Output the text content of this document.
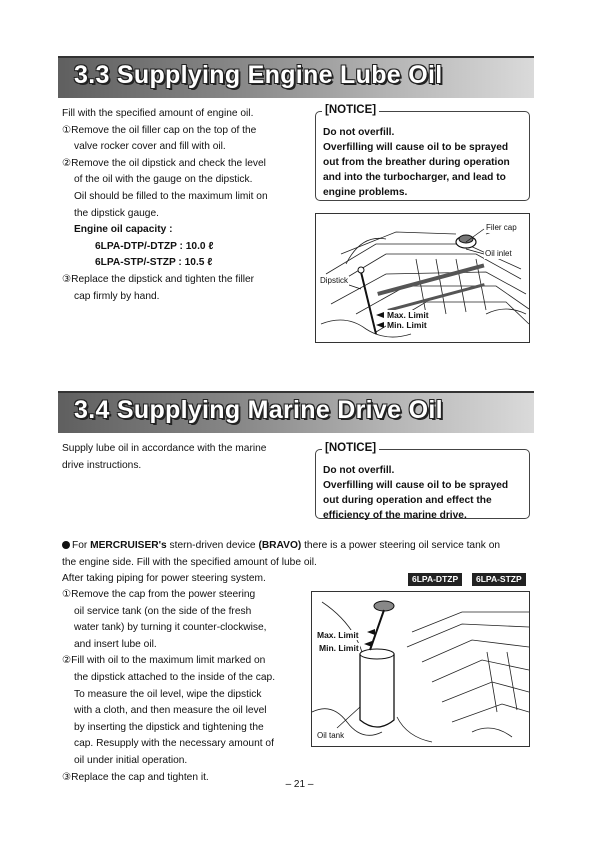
3.3 Supplying Engine Lube Oil

Fill with the specified amount of engine oil.

①Remove the oil filler cap on the top of the

valve rocker cover and fill with oil.

②Remove the oil dipstick and check the level

of the oil with the gauge on the dipstick.

Oil should be filled to the maximum limit on

the dipstick gauge.

Engine oil capacity :

6LPA-DTP/-DTZP : 10.0 ℓ

6LPA-STP/-STZP : 10.5 ℓ

③Replace the dipstick and tighten the filler

cap firmly by hand.

[NOTICE]
Do not overfill.
Overfilling will cause oil to be sprayed
out from the breather during operation
and into the turbocharger, and lead to
engine problems.
Filer cap
Oil inlet
Dipstick
Max. Limit
Min. Limit
3.4 Supplying Marine Drive Oil

Supply lube oil in accordance with the marine

drive instructions.

[NOTICE]
Do not overfill.
Overfilling will cause oil to be sprayed
out during operation and effect the
efficiency of the marine drive.

For MERCRUISER's stern-driven device (BRAVO) there is a power steering oil service tank on

the engine side. Fill with the specified amount of lube oil.

After taking piping for power steering system.	6LPA-DTZP	6LPA-STZP

①Remove the cap from the power steering

oil service tank (on the side of the fresh

water tank) by turning it counter-clockwise,

and insert lube oil.

②Fill with oil to the maximum limit marked on

the dipstick attached to the inside of the cap.

To measure the oil level, wipe the dipstick

with a cloth, and then measure the oil level

by inserting the dipstick and tightening the

cap. Resupply with the necessary amount of

oil under initial operation.

③Replace the cap and tighten it.

Max. Limit
Min. Limit
Oil tank
– 21 –
